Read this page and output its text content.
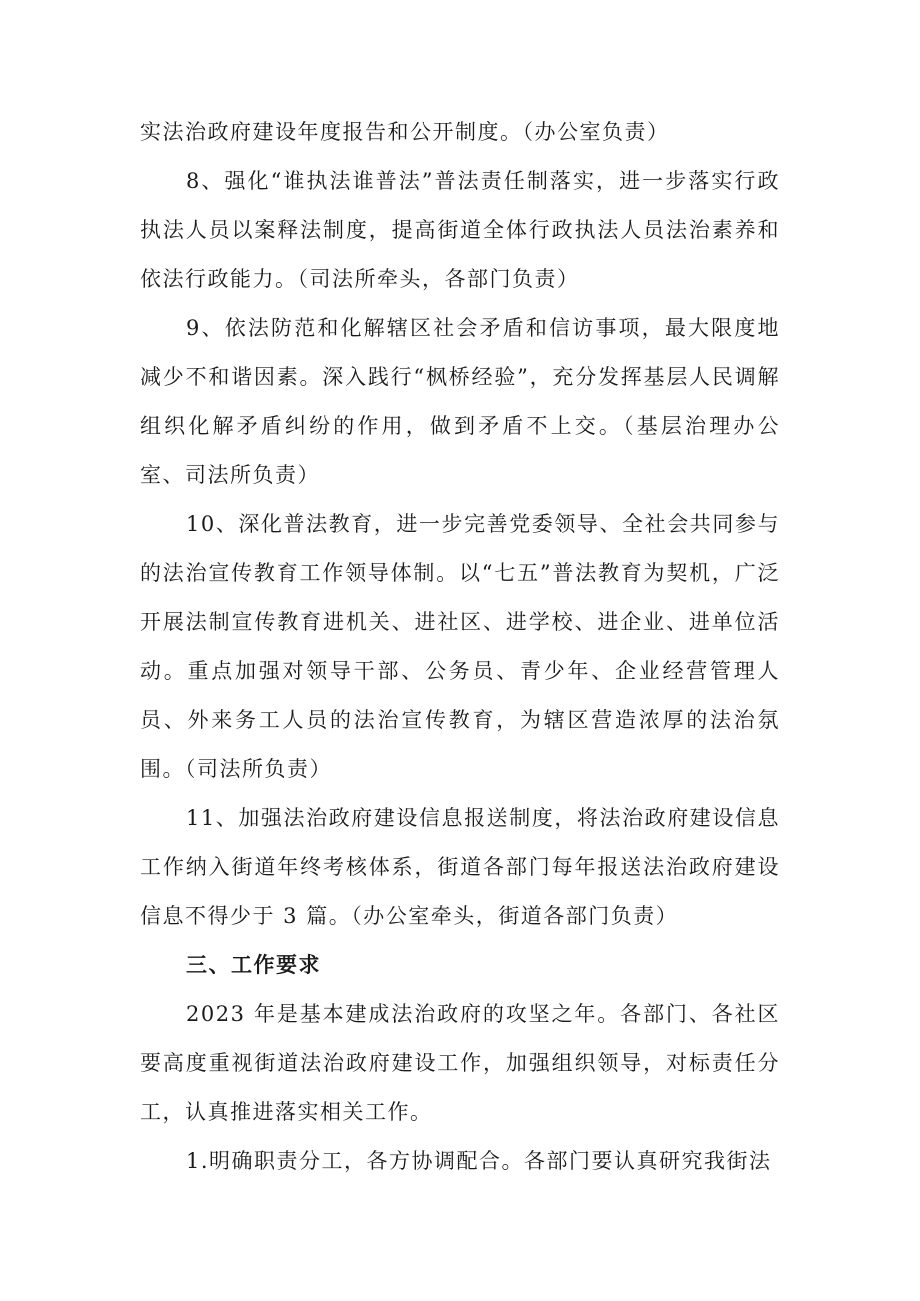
实法治政府建设年度报告和公开制度。（办公室负责）

8、强化“谁执法谁普法”普法责任制落实，进一步落实行政执法人员以案释法制度，提高街道全体行政执法人员法治素养和依法行政能力。（司法所牵头，各部门负责）

9、依法防范和化解辖区社会矛盾和信访事项，最大限度地减少不和谐因素。深入践行“枫桥经验”，充分发挥基层人民调解组织化解矛盾纠纷的作用，做到矛盾不上交。（基层治理办公室、司法所负责）

10、深化普法教育，进一步完善党委领导、全社会共同参与的法治宣传教育工作领导体制。以“七五”普法教育为契机，广泛开展法制宣传教育进机关、进社区、进学校、进企业、进单位活动。重点加强对领导干部、公务员、青少年、企业经营管理人员、外来务工人员的法治宣传教育，为辖区营造浓厚的法治氛围。（司法所负责）

11、加强法治政府建设信息报送制度，将法治政府建设信息工作纳入街道年终考核体系，街道各部门每年报送法治政府建设信息不得少于 3 篇。（办公室牵头，街道各部门负责）

三、工作要求

2023 年是基本建成法治政府的攻坚之年。各部门、各社区要高度重视街道法治政府建设工作，加强组织领导，对标责任分工，认真推进落实相关工作。

1.明确职责分工，各方协调配合。各部门要认真研究我街法
